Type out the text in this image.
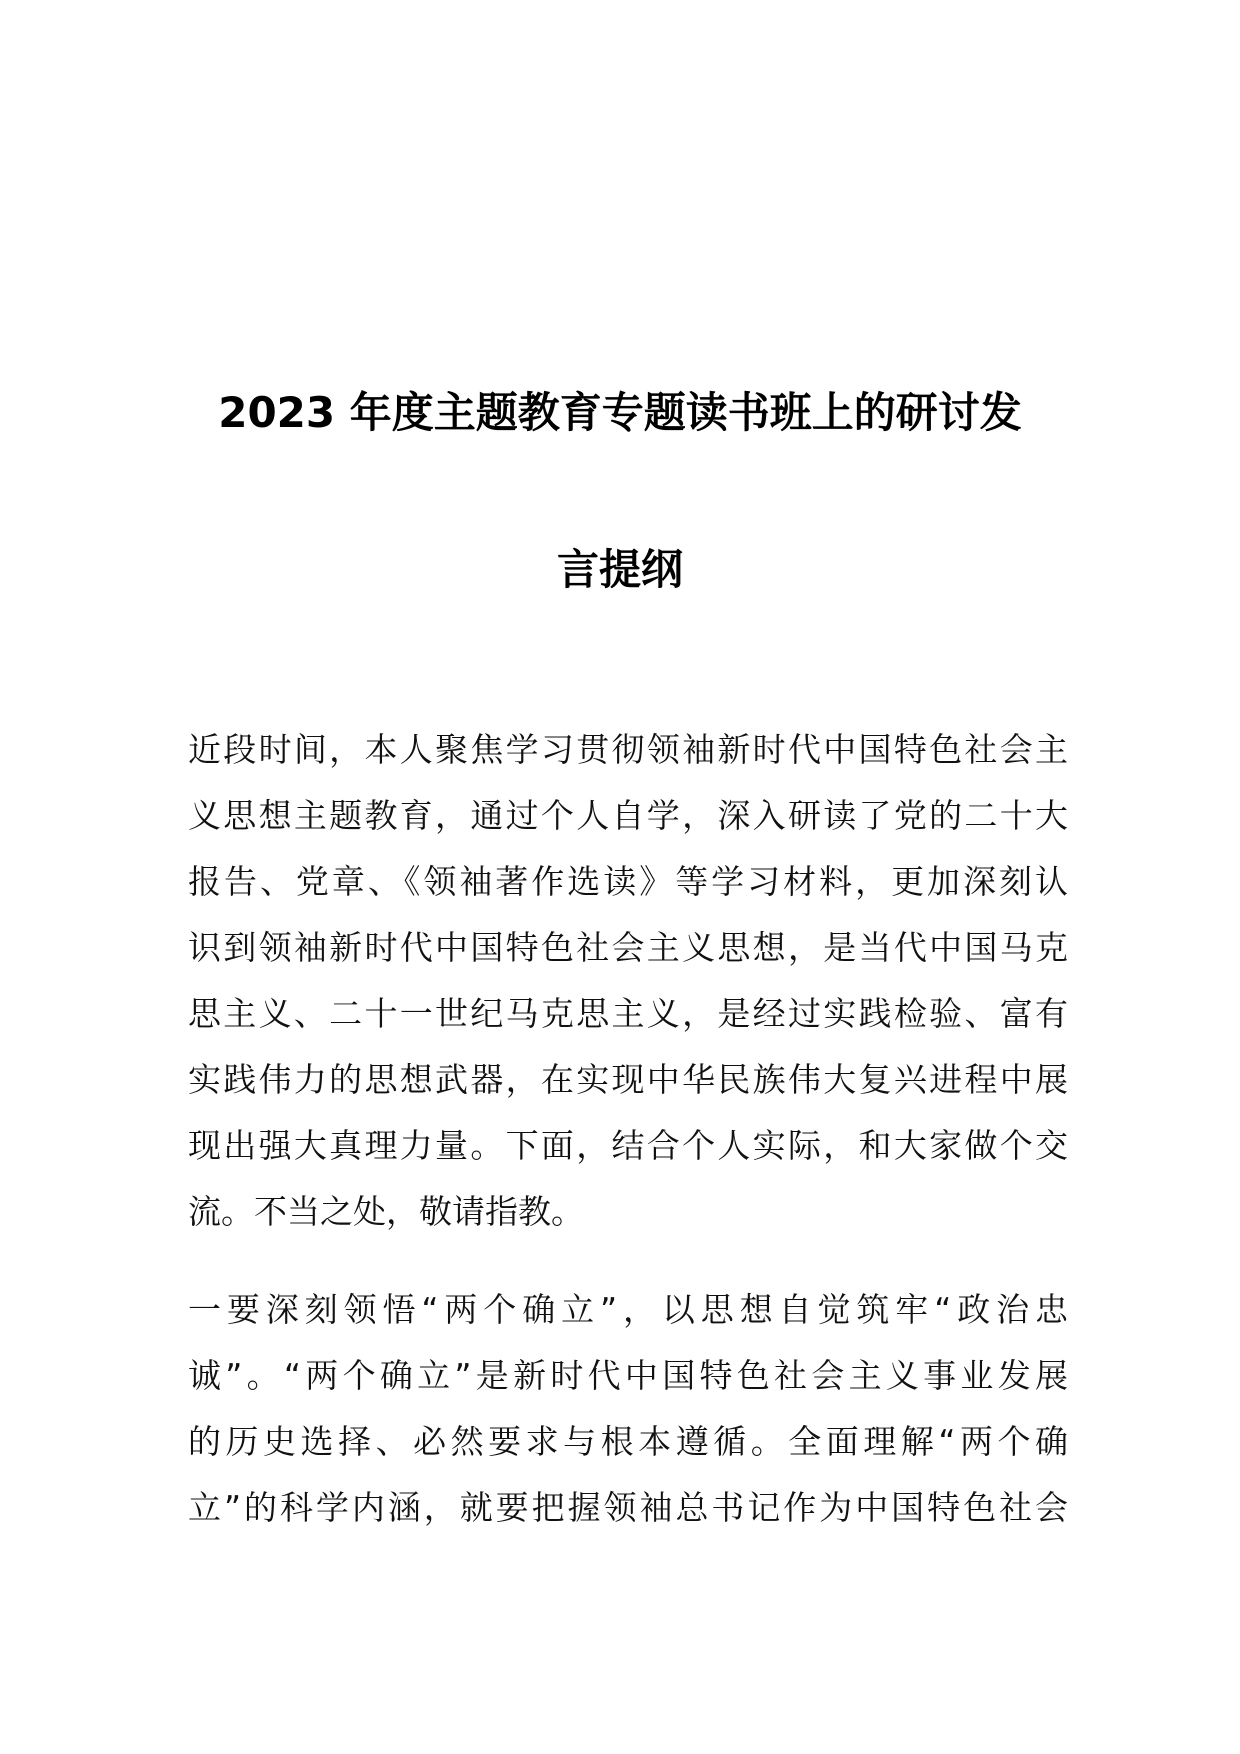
2023 年度主题教育专题读书班上的研讨发
言提纲
近段时间，本人聚焦学习贯彻领袖新时代中国特色社会主
义思想主题教育，通过个人自学，深入研读了党的二十大
报告、党章、《领袖著作选读》等学习材料，更加深刻认
识到领袖新时代中国特色社会主义思想，是当代中国马克
思主义、二十一世纪马克思主义，是经过实践检验、富有
实践伟力的思想武器，在实现中华民族伟大复兴进程中展
现出强大真理力量。下面，结合个人实际，和大家做个交
流。不当之处，敬请指教。
一要深刻领悟“两个确立”，以思想自觉筑牢“政治忠
诚”。“两个确立”是新时代中国特色社会主义事业发展
的历史选择、必然要求与根本遵循。全面理解“两个确
立”的科学内涵，就要把握领袖总书记作为中国特色社会
